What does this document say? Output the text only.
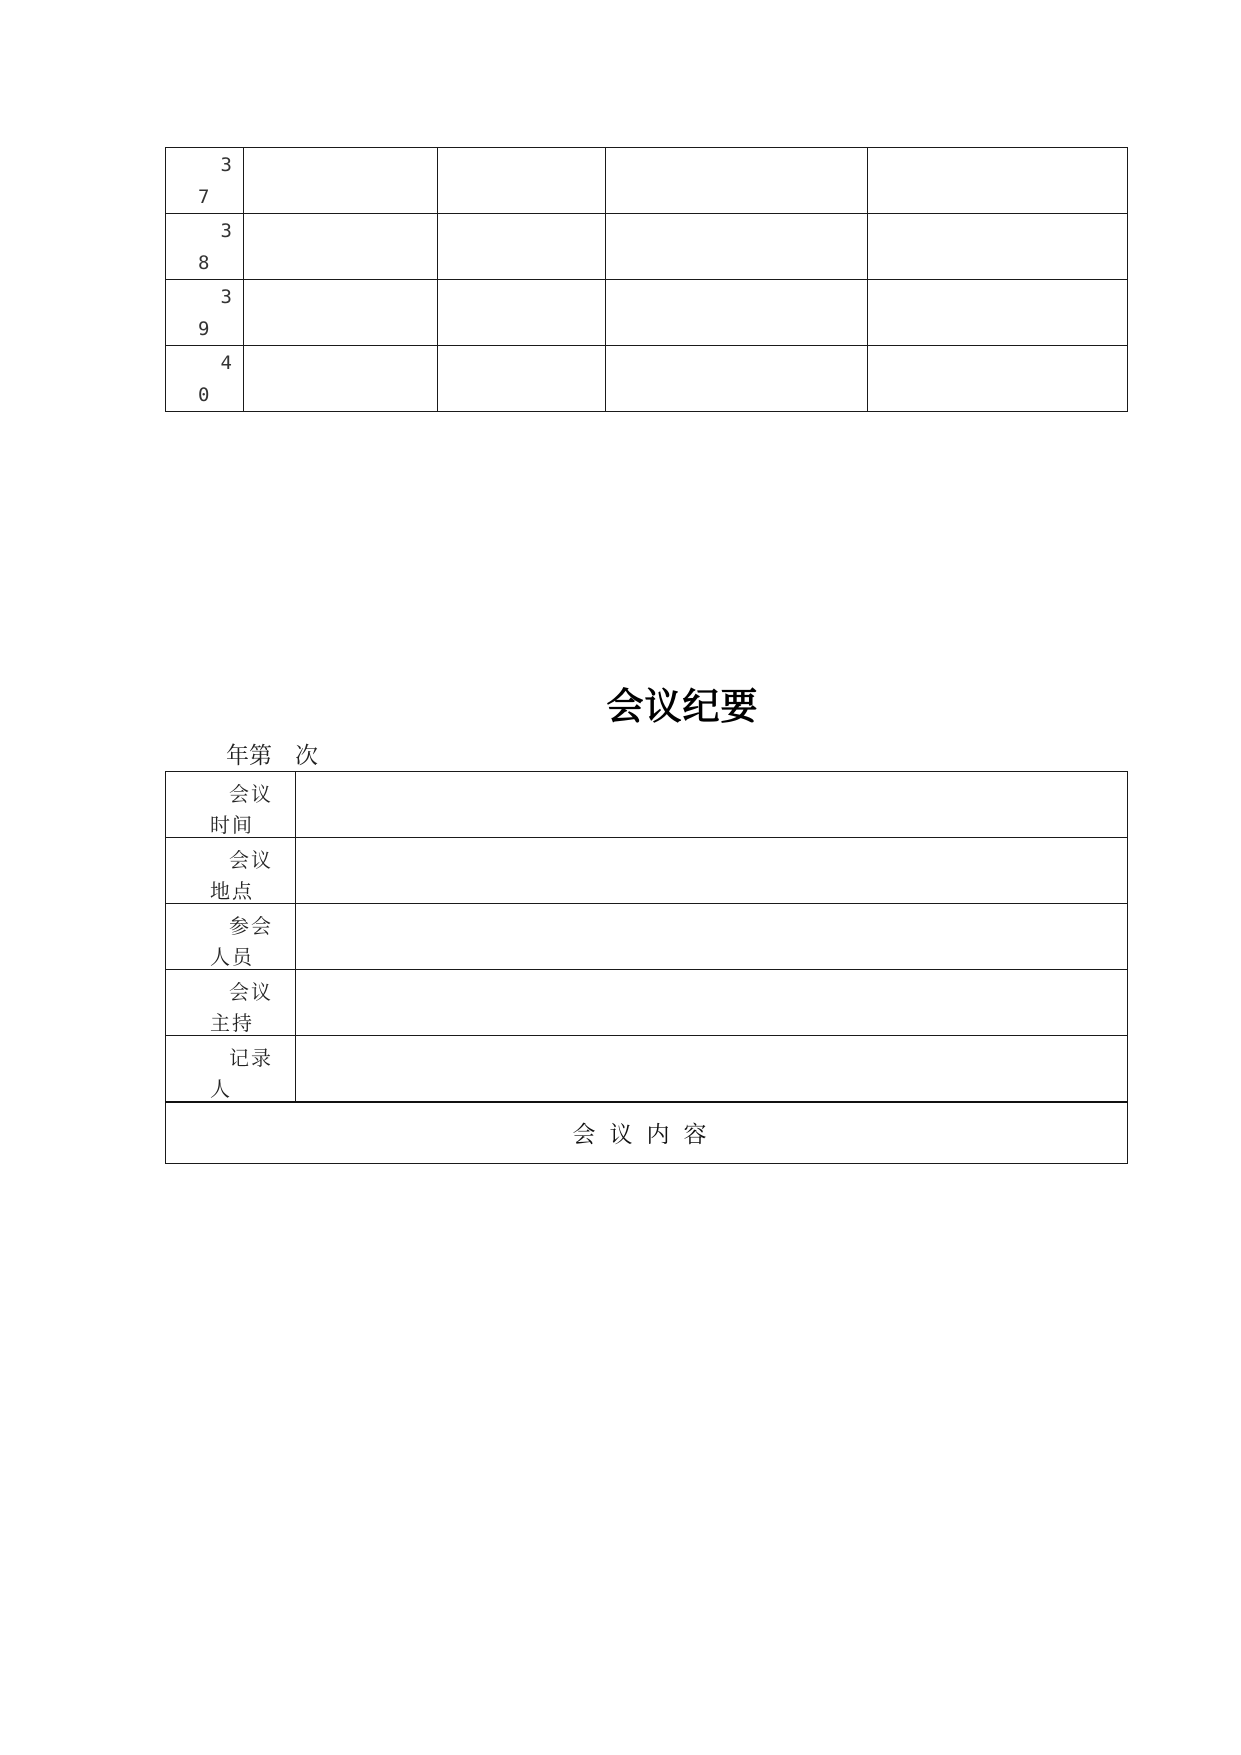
3
7				

3
8				

3
9				

4
0				

会议纪要
年第　次
会议
时间	

会议
地点	

参会
人员	

会议
主持	

记录
人	

会议内容	
